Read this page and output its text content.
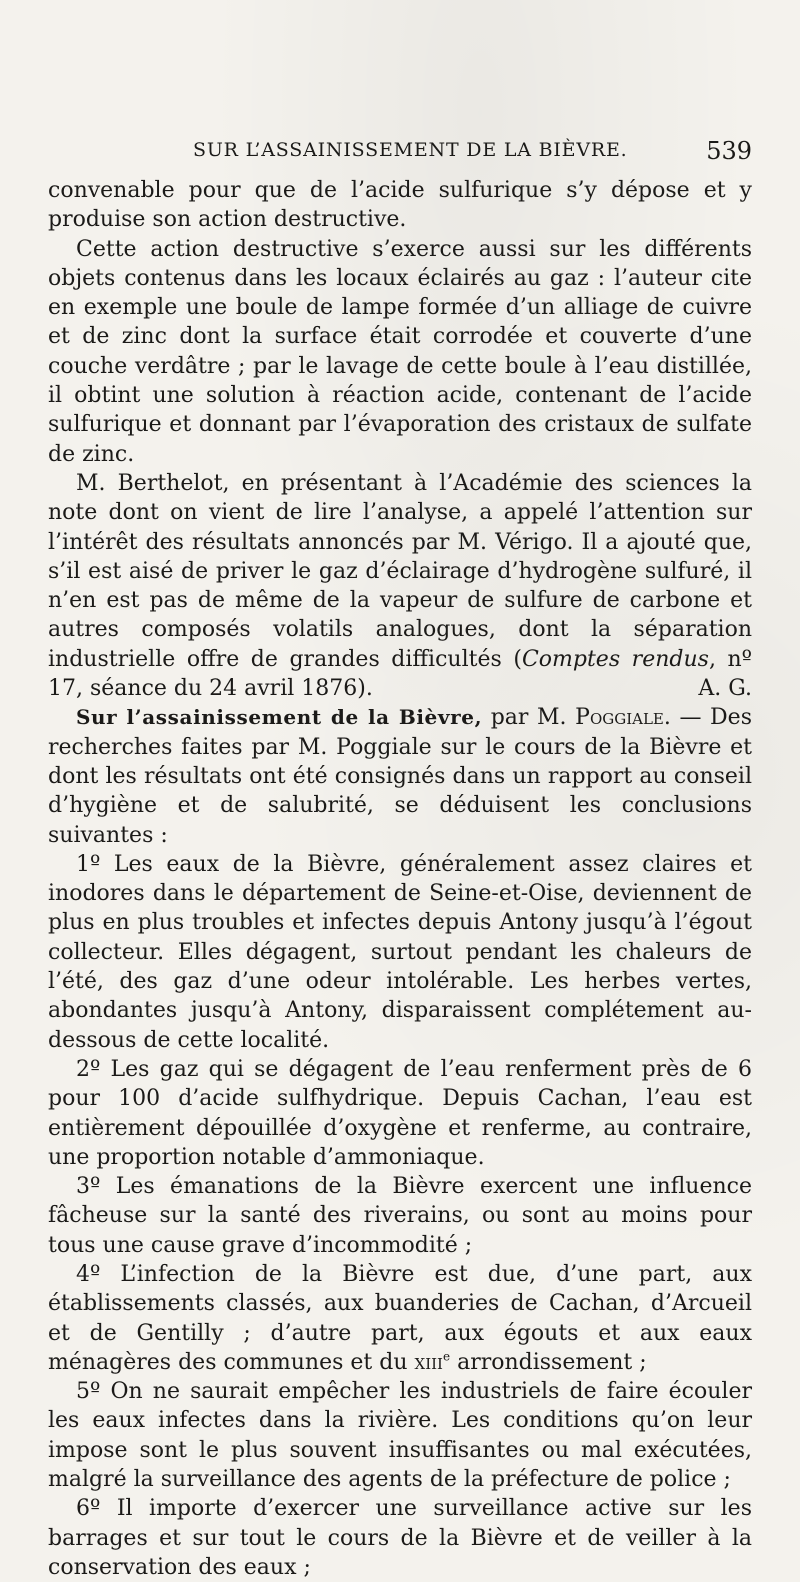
SUR L’ASSAINISSEMENT DE LA BIÈVRE.	539

convenable pour que de l’acide sulfurique s’y dépose et y produise son action destructive.

Cette action destructive s’exerce aussi sur les différents objets contenus dans les locaux éclairés au gaz : l’auteur cite en exemple une boule de lampe formée d’un alliage de cuivre et de zinc dont la surface était corrodée et couverte d’une couche verdâtre ; par le lavage de cette boule à l’eau distillée, il obtint une solution à réaction acide, contenant de l’acide sulfurique et donnant par l’évaporation des cristaux de sulfate de zinc.

M. Berthelot, en présentant à l’Académie des sciences la note dont on vient de lire l’analyse, a appelé l’attention sur l’intérêt des résultats annoncés par M. Vérigo. Il a ajouté que, s’il est aisé de priver le gaz d’éclairage d’hydrogène sulfuré, il n’en est pas de même de la vapeur de sulfure de carbone et autres composés volatils analogues, dont la séparation industrielle offre de grandes difficultés (Comptes rendus, nº 17, séance du 24 avril 1876).	A. G.

Sur l’assainissement de la Bièvre, par M. Poggiale. — Des recherches faites par M. Poggiale sur le cours de la Bièvre et dont les résultats ont été consignés dans un rapport au conseil d’hygiène et de salubrité, se déduisent les conclusions suivantes :

1º Les eaux de la Bièvre, généralement assez claires et inodores dans le département de Seine-et-Oise, deviennent de plus en plus troubles et infectes depuis Antony jusqu’à l’égout collecteur. Elles dégagent, surtout pendant les chaleurs de l’été, des gaz d’une odeur intolérable. Les herbes vertes, abondantes jusqu’à Antony, disparaissent complétement au-dessous de cette localité.

2º Les gaz qui se dégagent de l’eau renferment près de 6 pour 100 d’acide sulfhydrique. Depuis Cachan, l’eau est entièrement dépouillée d’oxygène et renferme, au contraire, une proportion notable d’ammoniaque.

3º Les émanations de la Bièvre exercent une influence fâcheuse sur la santé des riverains, ou sont au moins pour tous une cause grave d’incommodité ;

4º L’infection de la Bièvre est due, d’une part, aux établissements classés, aux buanderies de Cachan, d’Arcueil et de Gentilly ; d’autre part, aux égouts et aux eaux ménagères des communes et du xiii$^e$ arrondissement ;

5º On ne saurait empêcher les industriels de faire écouler les eaux infectes dans la rivière. Les conditions qu’on leur impose sont le plus souvent insuffisantes ou mal exécutées, malgré la surveillance des agents de la préfecture de police ;

6º Il importe d’exercer une surveillance active sur les barrages et sur tout le cours de la Bièvre et de veiller à la conservation des eaux ;
